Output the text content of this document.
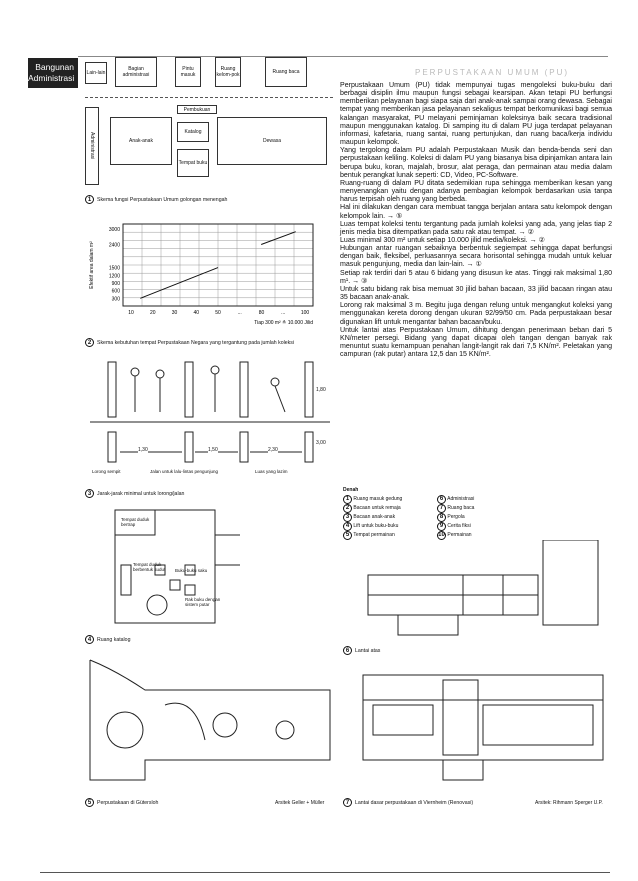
Bangunan Administrasi
PERPUSTAKAAN UMUM (PU)
Lain-lain
Bagian administrasi
Pintu masuk
Ruang kelom-pok	Ruang baca
Administrasi
Pembukuan
Anak-anak
Katalog
Dewasa
Tempat buku
1	Skema fungsi Perpustakaan Umum golongan menengah
300
600
900
1200
1500
2400
3000
10	20	30	40	50	...	80	...	100
Efektif area dalam m²
Tiap 300 m² ≙ 10.000 Jilid
2	Skema kebutuhan tempat Perpustakaan Negara yang tergantung pada jumlah koleksi
1,30	1,50	2,30
1,80
3,00
Lorong sempit	Jalan untuk lalu-lintas pengunjung	Luas yang lazim
3	Jarak-jarak minimal untuk lorong/jalan
Tempat duduk bertrap
Tempat duduk berbentuk sudut	Buku-buku saku
Rak buku dengan sistem putar
4	Ruang katalog
5	Perpustakaan di Gütersloh	Arsitek Geller + Müller

Perpustakaan Umum (PU) tidak mempunyai tugas mengoleksi buku-buku dari berbagai disiplin ilmu maupun fungsi sebagai kearsipan. Akan tetapi PU berfungsi memberikan pelayanan bagi siapa saja dari anak-anak sampai orang dewasa. Sebagai tempat yang memberikan jasa pelayanan sekaligus tempat berkomunikasi bagi semua kalangan masyarakat, PU melayani peminjaman koleksinya baik secara tradisional maupun menggunakan katalog. Di samping itu di dalam PU juga terdapat pelayanan informasi, kafetaria, ruang santai, ruang pertunjukan, dan ruang baca/kerja individu maupun kelompok.

Yang tergolong dalam PU adalah Perpustakaan Musik dan benda-benda seni dan perpustakaan keliling. Koleksi di dalam PU yang biasanya bisa dipinjamkan antara lain berupa buku, koran, majalah, brosur, alat peraga, dan permainan atau media dalam bentuk perangkat lunak seperti: CD, Video, PC-Software.

Ruang-ruang di dalam PU ditata sedemikian rupa sehingga memberikan kesan yang menyenangkan yaitu dengan adanya pembagian kelompok berdasarkan usia tanpa harus terpisah oleh ruang yang berbeda.

Hal ini dilakukan dengan cara membuat tangga berjalan antara satu kelompok dengan kelompok lain. → ⑤

Luas tempat koleksi tentu tergantung pada jumlah koleksi yang ada, yang jelas tiap 2 jenis media bisa ditempatkan pada satu rak atau tempat. → ②

Luas minimal 300 m² untuk setiap 10.000 jilid media/koleksi. → ②

Hubungan antar ruangan sebaiknya berbentuk segiempat sehingga dapat berfungsi dengan baik, fleksibel, perluasannya secara horisontal sehingga mudah untuk keluar masuk pengunjung, media dan lain-lain. → ①

Setiap rak terdiri dari 5 atau 6 bidang yang disusun ke atas. Tinggi rak maksimal 1,80 m¹. → ③

Untuk satu bidang rak bisa memuat 30 jilid bahan bacaan, 33 jilid bacaan ringan atau 35 bacaan anak-anak.

Lorong rak maksimal 3 m. Begitu juga dengan relung untuk mengangkut koleksi yang menggunakan kereta dorong dengan ukuran 92/99/50 cm. Pada perpustakaan besar digunakan lift untuk mengantar bahan bacaan/buku.

Untuk lantai atas Perpustakaan Umum, dihitung dengan penerimaan beban dari 5 KN/meter persegi. Bidang yang dapat dicapai oleh tangan dengan banyak rak menuntut suatu kemampuan penahan langit-langit rak dari 7,5 KN/m². Peletakan yang campuran (rak putar) antara 12,5 dan 15 KN/m².

Denah
1 Ruang masuk gedung
2 Bacaan untuk remaja
3 Bacaan anak-anak
4 Lift untuk buku-buku
5 Tempat permainan
6 Administrasi
7 Ruang baca
8 Pergola
9 Cerita fiksi
10 Permainan
6	Lantai atas
7	Lantai dasar perpustakaan di Viernheim (Renovasi)	Arsitek: Rihmann Sperger U.P.
